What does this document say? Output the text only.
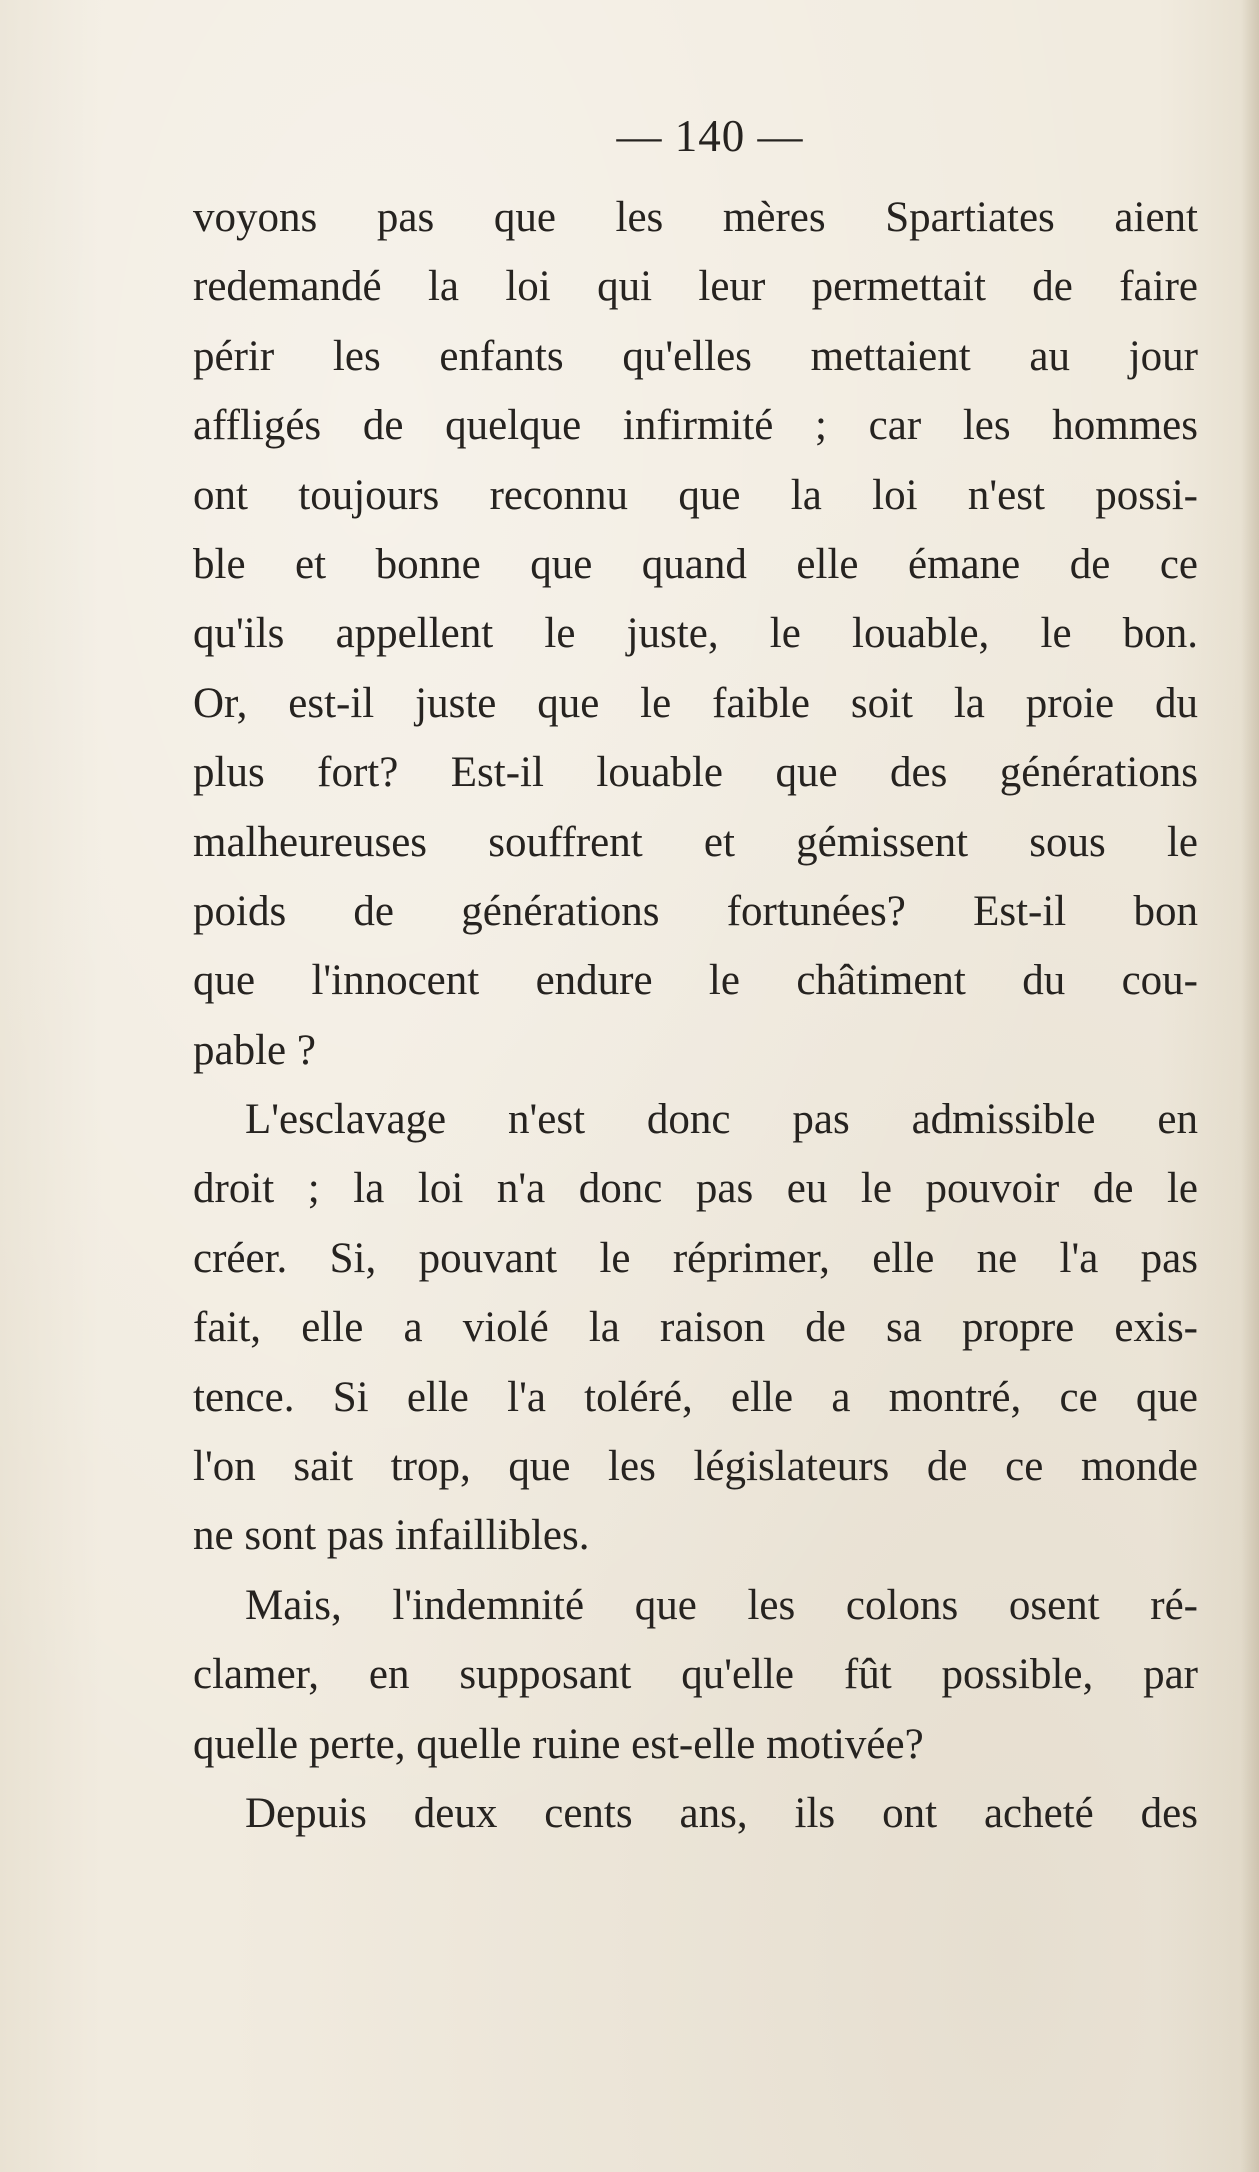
— 140 —

voyons pas que les mères Spartiates aient
redemandé la loi qui leur permettait de faire
périr les enfants qu'elles mettaient au jour
affligés de quelque infirmité ; car les hommes
ont toujours reconnu que la loi n'est possi-
ble et bonne que quand elle émane de ce
qu'ils appellent le juste, le louable, le bon.
Or, est-il juste que le faible soit la proie du
plus fort? Est-il louable que des générations
malheureuses souffrent et gémissent sous le
poids de générations fortunées? Est-il bon
que l'innocent endure le châtiment du cou-
pable ?
L'esclavage n'est donc pas admissible en
droit ; la loi n'a donc pas eu le pouvoir de le
créer. Si, pouvant le réprimer, elle ne l'a pas
fait, elle a violé la raison de sa propre exis-
tence. Si elle l'a toléré, elle a montré, ce que
l'on sait trop, que les législateurs de ce monde
ne sont pas infaillibles.
Mais, l'indemnité que les colons osent ré-
clamer, en supposant qu'elle fût possible, par
quelle perte, quelle ruine est-elle motivée?
Depuis deux cents ans, ils ont acheté des
